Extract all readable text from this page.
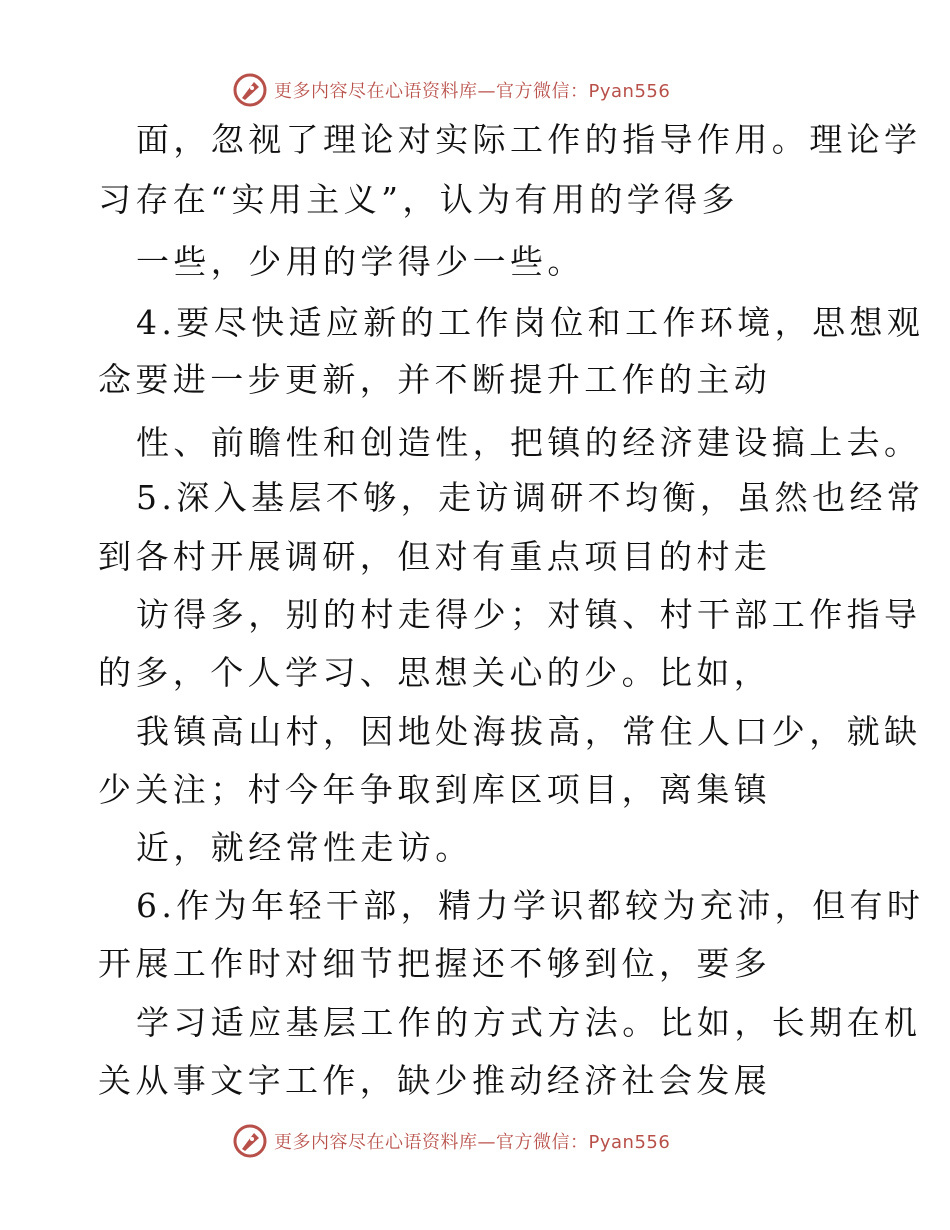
更多内容尽在心语资料库—官方微信：Pyan556
面，忽视了理论对实际工作的指导作用。理论学
习存在“实用主义”，认为有用的学得多
一些，少用的学得少一些。
4.要尽快适应新的工作岗位和工作环境，思想观
念要进一步更新，并不断提升工作的主动
性、前瞻性和创造性，把镇的经济建设搞上去。
5.深入基层不够，走访调研不均衡，虽然也经常
到各村开展调研，但对有重点项目的村走
访得多，别的村走得少；对镇、村干部工作指导
的多，个人学习、思想关心的少。比如，
我镇高山村，因地处海拔高，常住人口少，就缺
少关注；村今年争取到库区项目，离集镇
近，就经常性走访。
6.作为年轻干部，精力学识都较为充沛，但有时
开展工作时对细节把握还不够到位，要多
学习适应基层工作的方式方法。比如，长期在机
关从事文字工作，缺少推动经济社会发展
更多内容尽在心语资料库—官方微信：Pyan556
